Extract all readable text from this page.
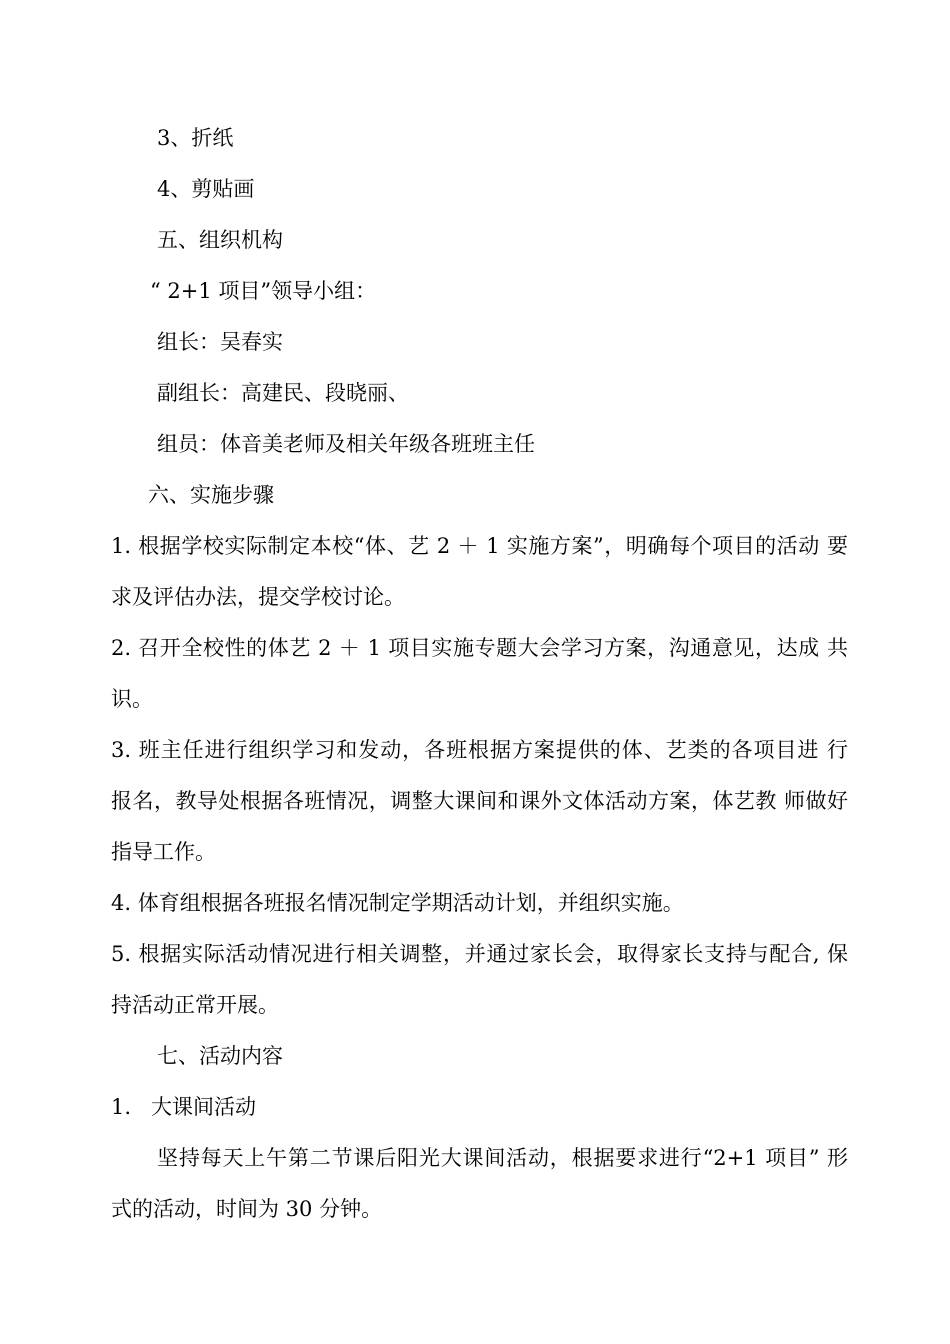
3、折纸

4、剪贴画

五、组织机构

“ 2+1 项目”领导小组：

组长：吴春实

副组长：高建民、段晓丽、

组员：体音美老师及相关年级各班班主任

六、实施步骤

1. 根据学校实际制定本校“体、艺 2 ＋ 1 实施方案”，明确每个项目的活动 要

求及评估办法，提交学校讨论。

2. 召开全校性的体艺 2 ＋ 1 项目实施专题大会学习方案，沟通意见，达成 共

识。

3. 班主任进行组织学习和发动，各班根据方案提供的体、艺类的各项目进 行

报名，教导处根据各班情况，调整大课间和课外文体活动方案，体艺教 师做好

指导工作。

4. 体育组根据各班报名情况制定学期活动计划，并组织实施。

5. 根据实际活动情况进行相关调整，并通过家长会，取得家长支持与配合, 保

持活动正常开展。

七、活动内容

1.   大课间活动

坚持每天上午第二节课后阳光大课间活动，根据要求进行“2+1 项目” 形

式的活动，时间为 30 分钟。
